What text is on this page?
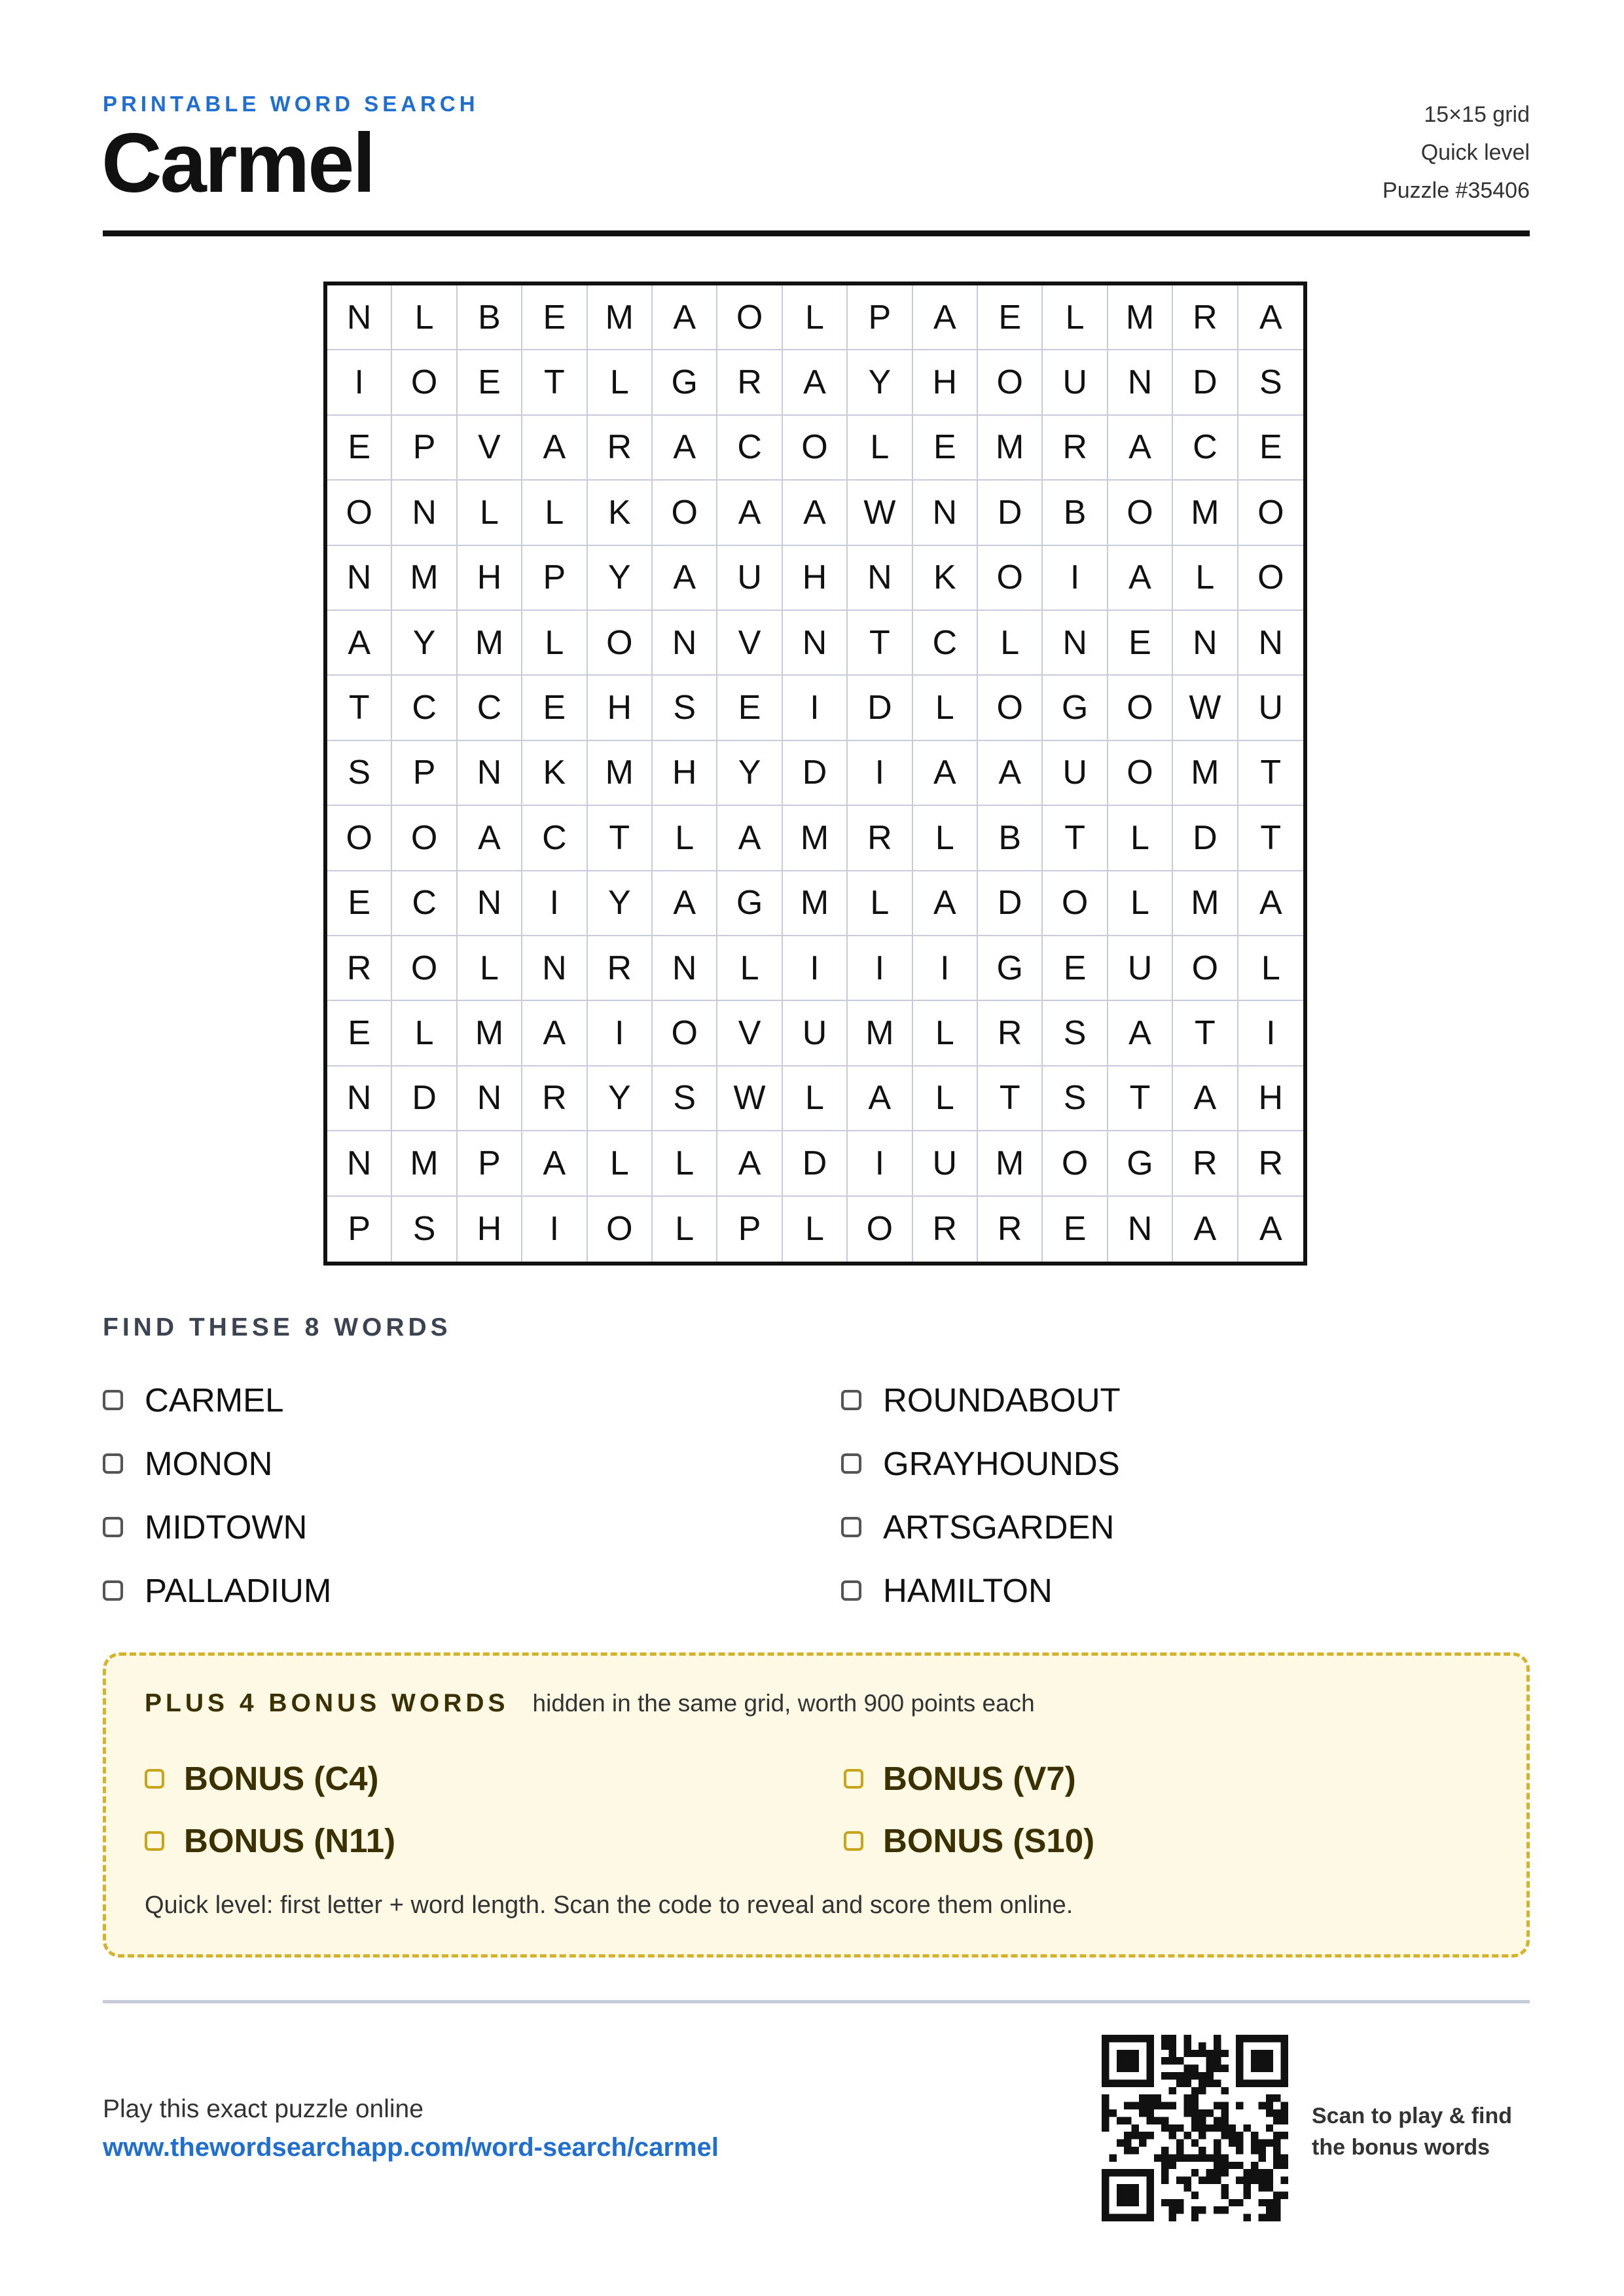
PRINTABLE WORD SEARCH
Carmel
15×15 grid
Quick level
Puzzle #35406
N	L	B	E	M	A	O	L	P	A	E	L	M	R	A
I	O	E	T	L	G	R	A	Y	H	O	U	N	D	S
E	P	V	A	R	A	C	O	L	E	M	R	A	C	E
O	N	L	L	K	O	A	A	W	N	D	B	O	M	O
N	M	H	P	Y	A	U	H	N	K	O	I	A	L	O
A	Y	M	L	O	N	V	N	T	C	L	N	E	N	N
T	C	C	E	H	S	E	I	D	L	O	G	O	W	U
S	P	N	K	M	H	Y	D	I	A	A	U	O	M	T
O	O	A	C	T	L	A	M	R	L	B	T	L	D	T
E	C	N	I	Y	A	G	M	L	A	D	O	L	M	A
R	O	L	N	R	N	L	I	I	I	G	E	U	O	L
E	L	M	A	I	O	V	U	M	L	R	S	A	T	I
N	D	N	R	Y	S	W	L	A	L	T	S	T	A	H
N	M	P	A	L	L	A	D	I	U	M	O	G	R	R
P	S	H	I	O	L	P	L	O	R	R	E	N	A	A
FIND THESE 8 WORDS
CARMEL	ROUNDABOUT
MONON	GRAYHOUNDS
MIDTOWN	ARTSGARDEN
PALLADIUM	HAMILTON
PLUS 4 BONUS WORDS hidden in the same grid, worth 900 points each
BONUS (C4)	BONUS (V7)
BONUS (N11)	BONUS (S10)
Quick level: first letter + word length. Scan the code to reveal and score them online.
Play this exact puzzle online
www.thewordsearchapp.com/word-search/carmel
Scan to play & find
the bonus words
